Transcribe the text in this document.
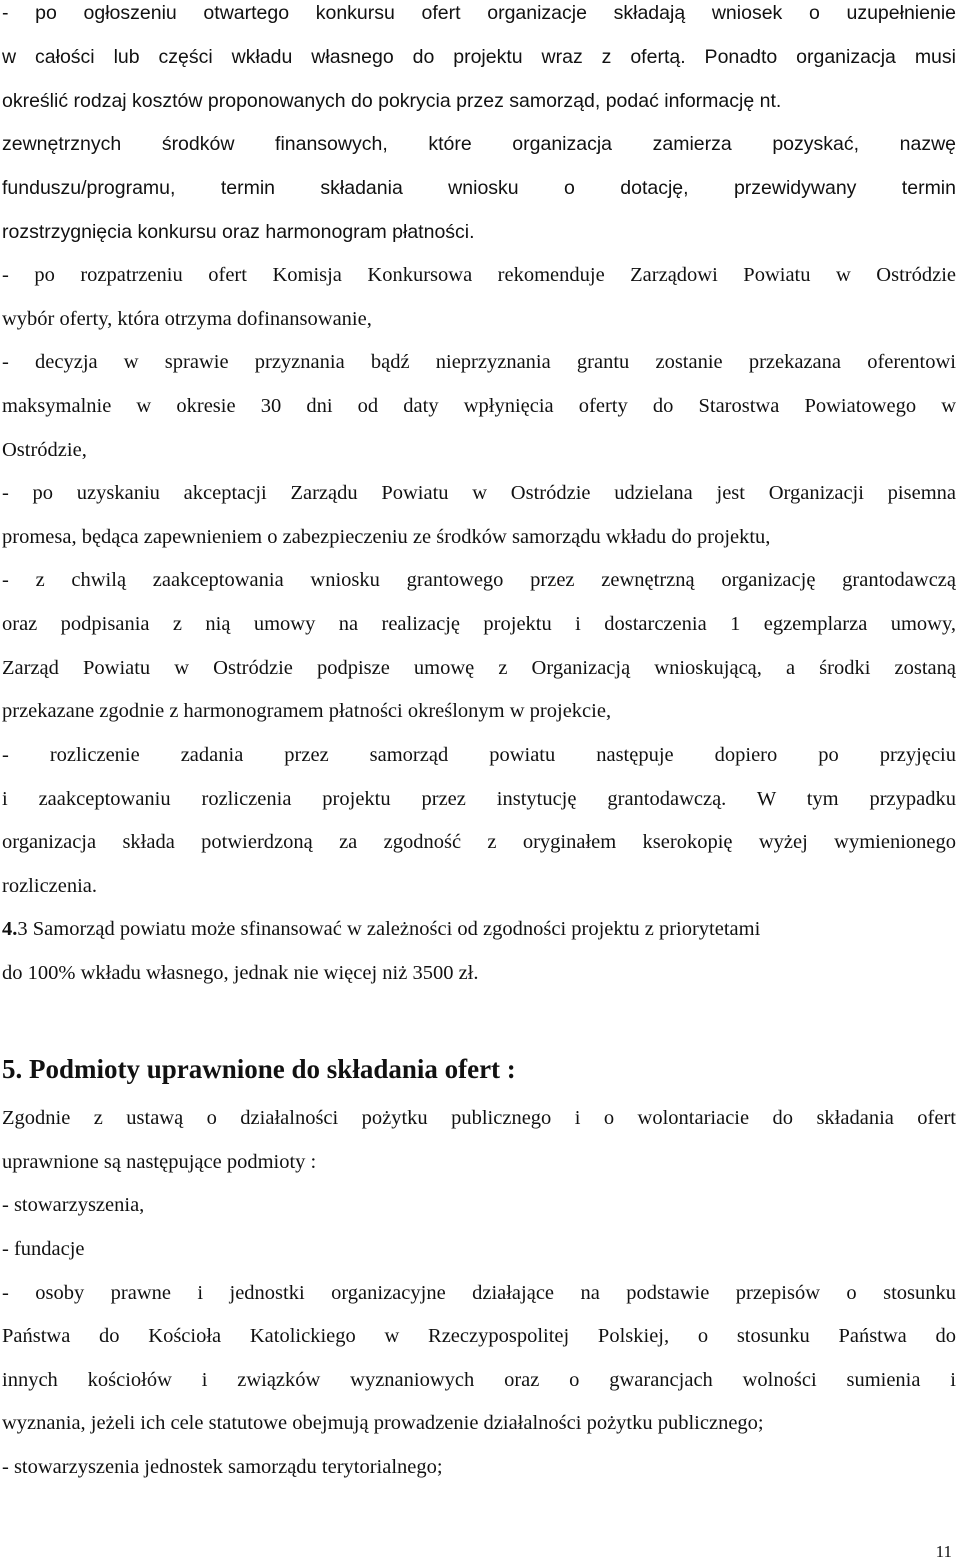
- po ogłoszeniu otwartego konkursu ofert organizacje składają wniosek o uzupełnienie
w całości lub części wkładu własnego do projektu wraz z ofertą. Ponadto organizacja musi
określić rodzaj kosztów proponowanych do pokrycia przez samorząd, podać informację nt.
zewnętrznych środków finansowych, które organizacja zamierza pozyskać, nazwę
funduszu/programu, termin składania wniosku o dotację, przewidywany termin
rozstrzygnięcia konkursu oraz harmonogram płatności.
- po rozpatrzeniu ofert Komisja Konkursowa rekomenduje Zarządowi Powiatu w Ostródzie
wybór oferty, która otrzyma dofinansowanie,
- decyzja w sprawie przyznania bądź nieprzyznania grantu zostanie przekazana oferentowi
maksymalnie w okresie 30 dni od daty wpłynięcia oferty do Starostwa Powiatowego w
Ostródzie,
- po uzyskaniu akceptacji Zarządu Powiatu w Ostródzie udzielana jest Organizacji pisemna
promesa, będąca zapewnieniem o zabezpieczeniu ze środków samorządu wkładu do projektu,
- z chwilą zaakceptowania wniosku grantowego przez zewnętrzną organizację grantodawczą
oraz podpisania z nią umowy na realizację projektu i dostarczenia 1 egzemplarza umowy,
Zarząd Powiatu w Ostródzie podpisze umowę z Organizacją wnioskującą, a środki zostaną
przekazane zgodnie z harmonogramem płatności określonym w projekcie,
- rozliczenie zadania przez samorząd powiatu następuje dopiero po przyjęciu
i zaakceptowaniu rozliczenia projektu przez instytucję grantodawczą. W tym przypadku
organizacja składa potwierdzoną za zgodność z oryginałem kserokopię wyżej wymienionego
rozliczenia.
4.3 Samorząd powiatu może sfinansować w zależności od zgodności projektu z priorytetami
do 100% wkładu własnego, jednak nie więcej niż 3500 zł.
5. Podmioty uprawnione do składania ofert :
Zgodnie z ustawą o działalności pożytku publicznego i o wolontariacie do składania ofert
uprawnione są następujące podmioty :
- stowarzyszenia,
- fundacje
- osoby prawne i jednostki organizacyjne działające na podstawie przepisów o stosunku
Państwa do Kościoła Katolickiego w Rzeczypospolitej Polskiej, o stosunku Państwa do
innych kościołów i związków wyznaniowych oraz o gwarancjach wolności sumienia i
wyznania, jeżeli ich cele statutowe obejmują prowadzenie działalności pożytku publicznego;
- stowarzyszenia jednostek samorządu terytorialnego;
11
